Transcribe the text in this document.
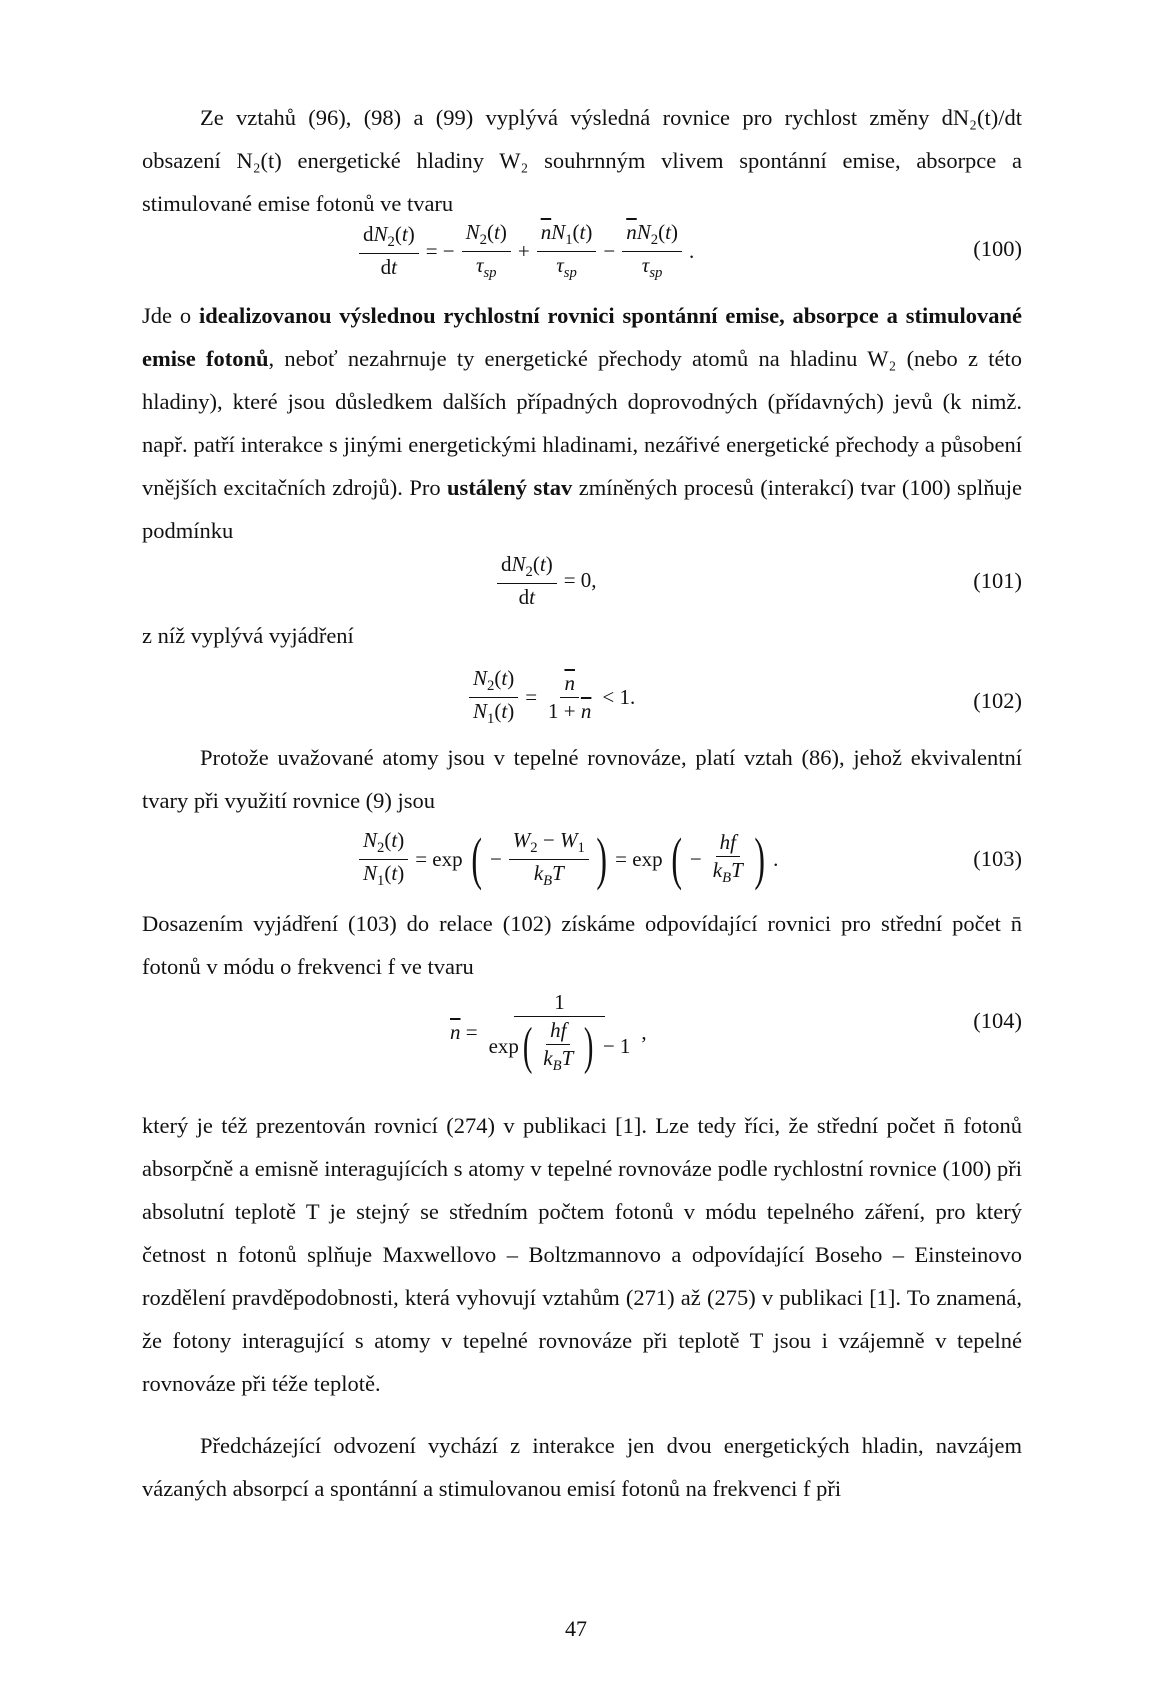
Ze vztahů (96), (98) a (99) vyplývá výsledná rovnice pro rychlost změny dN₂(t)/dt obsazení N₂(t) energetické hladiny W₂ souhrnným vlivem spontánní emise, absorpce a stimulované emise fotonů ve tvaru

$\frac{dN_2(t)}{dt}$ = − $\frac{N_2(t)}{\tau_{sp}} + \frac{\overline{n}N_1(t)}{\tau_{sp}} - \frac{\overline{n}N_2(t)}{\tau_{sp}}$ .	(100)

Jde o idealizovanou výslednou rychlostní rovnici spontánní emise, absorpce a stimulované emise fotonů, neboť nezahrnuje ty energetické přechody atomů na hladinu W₂ (nebo z této hladiny), které jsou důsledkem dalších případných doprovodných (přídavných) jevů (k nimž. např. patří interakce s jinými energetickými hladinami, nezářivé energetické přechody a působení vnějších excitačních zdrojů). Pro ustálený stav zmíněných procesů (interakcí) tvar (100) splňuje podmínku

$\frac{dN_2(t)}{dt} = 0$,	(101)

z níž vyplývá vyjádření

$\frac{N_2(t)}{N_1(t)} = \frac{\overline{n}}{1 + \overline{n}} < 1$.	(102)

Protože uvažované atomy jsou v tepelné rovnováze, platí vztah (86), jehož ekvivalentní tvary při využití rovnice (9) jsou

$\frac{N_2(t)}{N_1(t)} = \exp$ ( − $\frac{W_2 - W_1}{k_BT}$ ) = exp ( − $\frac{hf}{k_BT}$ ) .	(103)

Dosazením vyjádření (103) do relace (102) získáme odpovídající rovnici pro střední počet n̄ fotonů v módu o frekvenci f ve tvaru

$\overline{n} = \frac{1}{\exp ( \frac{hf}{k_BT} ) - 1}$ ,	(104)

který je též prezentován rovnicí (274) v publikaci [1]. Lze tedy říci, že střední počet n̄ fotonů absorpčně a emisně interagujících s atomy v tepelné rovnováze podle rychlostní rovnice (100) při absolutní teplotě T je stejný se středním počtem fotonů v módu tepelného záření, pro který četnost n fotonů splňuje Maxwellovo – Boltzmannovo a odpovídající Boseho – Einsteinovo rozdělení pravděpodobnosti, která vyhovují vztahům (271) až (275) v publikaci [1]. To znamená, že fotony interagující s atomy v tepelné rovnováze při teplotě T jsou i vzájemně v tepelné rovnováze při téže teplotě.

Předcházející odvození vychází z interakce jen dvou energetických hladin, navzájem vázaných absorpcí a spontánní a stimulovanou emisí fotonů na frekvenci f při

47
